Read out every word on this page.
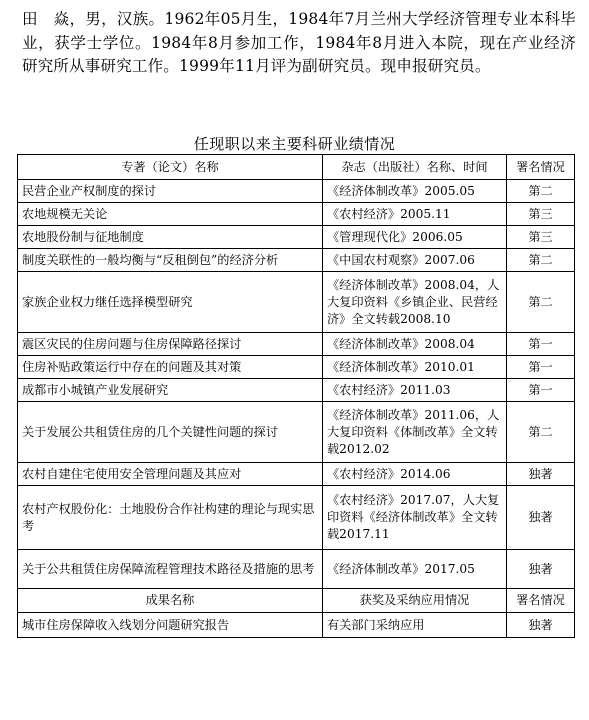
田　焱，男，汉族。1962年05月生，1984年7月兰州大学经济管理专业本科毕业，获学士学位。1984年8月参加工作，1984年8月进入本院，现在产业经济研究所从事研究工作。1999年11月评为副研究员。现申报研究员。
任现职以来主要科研业绩情况
专著（论文）名称	杂志（出版社）名称、时间	署名情况
民营企业产权制度的探讨	《经济体制改革》2005.05	第二
农地规模无关论	《农村经济》2005.11	第三
农地股份制与征地制度	《管理现代化》2006.05	第三
制度关联性的一般均衡与“反租倒包”的经济分析	《中国农村观察》2007.06	第二
家族企业权力继任选择模型研究	《经济体制改革》2008.04，人大复印资料《乡镇企业、民营经济》全文转载2008.10	第二
震区灾民的住房问题与住房保障路径探讨	《经济体制改革》2008.04	第一
住房补贴政策运行中存在的问题及其对策	《经济体制改革》2010.01	第一
成都市小城镇产业发展研究	《农村经济》2011.03	第一
关于发展公共租赁住房的几个关键性问题的探讨	《经济体制改革》2011.06，人大复印资料《体制改革》全文转载2012.02	第二
农村自建住宅使用安全管理问题及其应对	《农村经济》2014.06	独著
农村产权股份化：土地股份合作社构建的理论与现实思考	《农村经济》2017.07，人大复印资料《经济体制改革》全文转载2017.11	独著
关于公共租赁住房保障流程管理技术路径及措施的思考	《经济体制改革》2017.05	独著
成果名称	获奖及采纳应用情况	署名情况
城市住房保障收入线划分问题研究报告	有关部门采纳应用	独著
